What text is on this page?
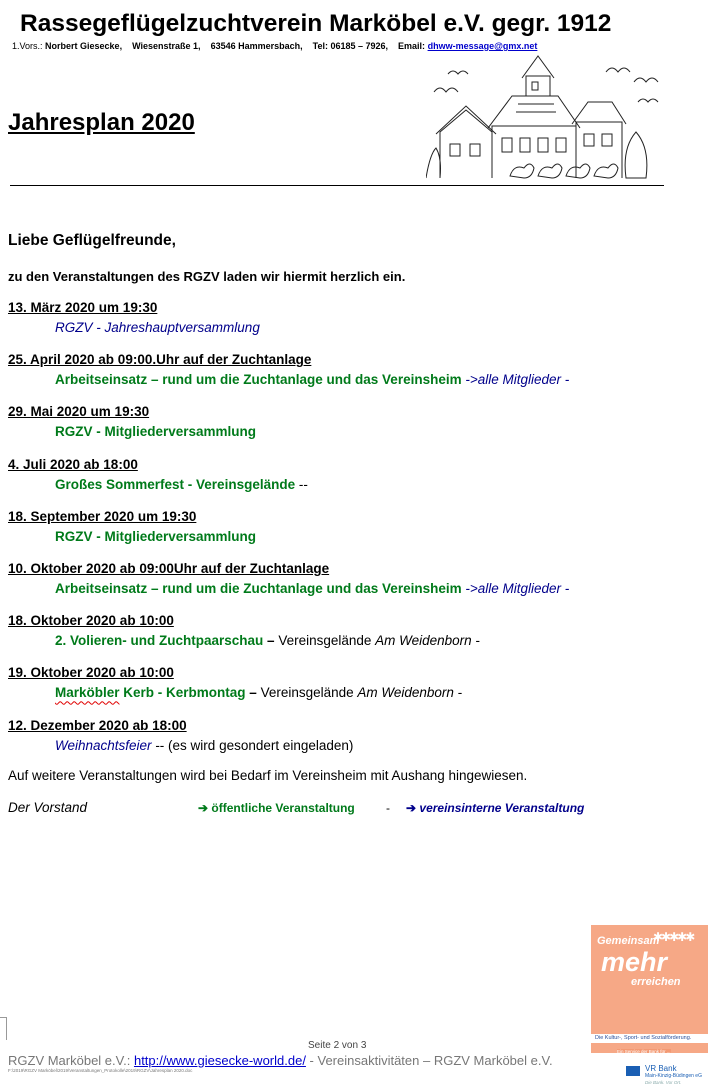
Rassegeflügelzuchtverein Marköbel e.V. gegr. 1912
1.Vors.: Norbert Giesecke, Wiesenstraße 1, 63546 Hammersbach, Tel: 06185 – 7926, Email: dhww-message@gmx.net
Jahresplan 2020
Liebe Geflügelfreunde,
zu den Veranstaltungen des RGZV laden wir hiermit herzlich ein.
13. März 2020 um 19:30
RGZV - Jahreshauptversammlung
25. April 2020 ab 09:00.Uhr auf der Zuchtanlage
Arbeitseinsatz – rund um die Zuchtanlage und das Vereinsheim ->alle Mitglieder -
29. Mai 2020 um 19:30
RGZV - Mitgliederversammlung
4. Juli 2020 ab 18:00
Großes Sommerfest - Vereinsgelände --
18. September 2020 um 19:30
RGZV - Mitgliederversammlung
10. Oktober 2020 ab 09:00Uhr auf der Zuchtanlage
Arbeitseinsatz – rund um die Zuchtanlage und das Vereinsheim ->alle Mitglieder -
18. Oktober 2020 ab 10:00
2. Volieren- und Zuchtpaarschau – Vereinsgelände Am Weidenborn -
19. Oktober 2020 ab 10:00
Marköbler Kerb - Kerbmontag – Vereinsgelände Am Weidenborn -
12. Dezember 2020 ab 18:00
Weihnachtsfeier -- (es wird gesondert eingeladen)
Auf weitere Veranstaltungen wird bei Bedarf im Vereinsheim mit Aushang hingewiesen.
Der Vorstand	➔ öffentliche Veranstaltung	- ➔ vereinsinterne Veranstaltung
✱✱✱✱✱
Gemeinsam
mehr
erreichen
Die Kultur-, Sport- und Sozialförderung.
Ein Service der Bank für ...
VR Bank
Main-Kinzig-Büdingen eG
Die Bank. Vor Ort.
Seite 2 von 3
RGZV Marköbel e.V.: http://www.giesecke-world.de/ - Vereinsaktivitäten – RGZV Marköbel e.V.
F:\2019\RGZV Marköbel\2019\Veranstaltungen_Protokolle\2019\RGZV\Jahresplan 2020.doc
